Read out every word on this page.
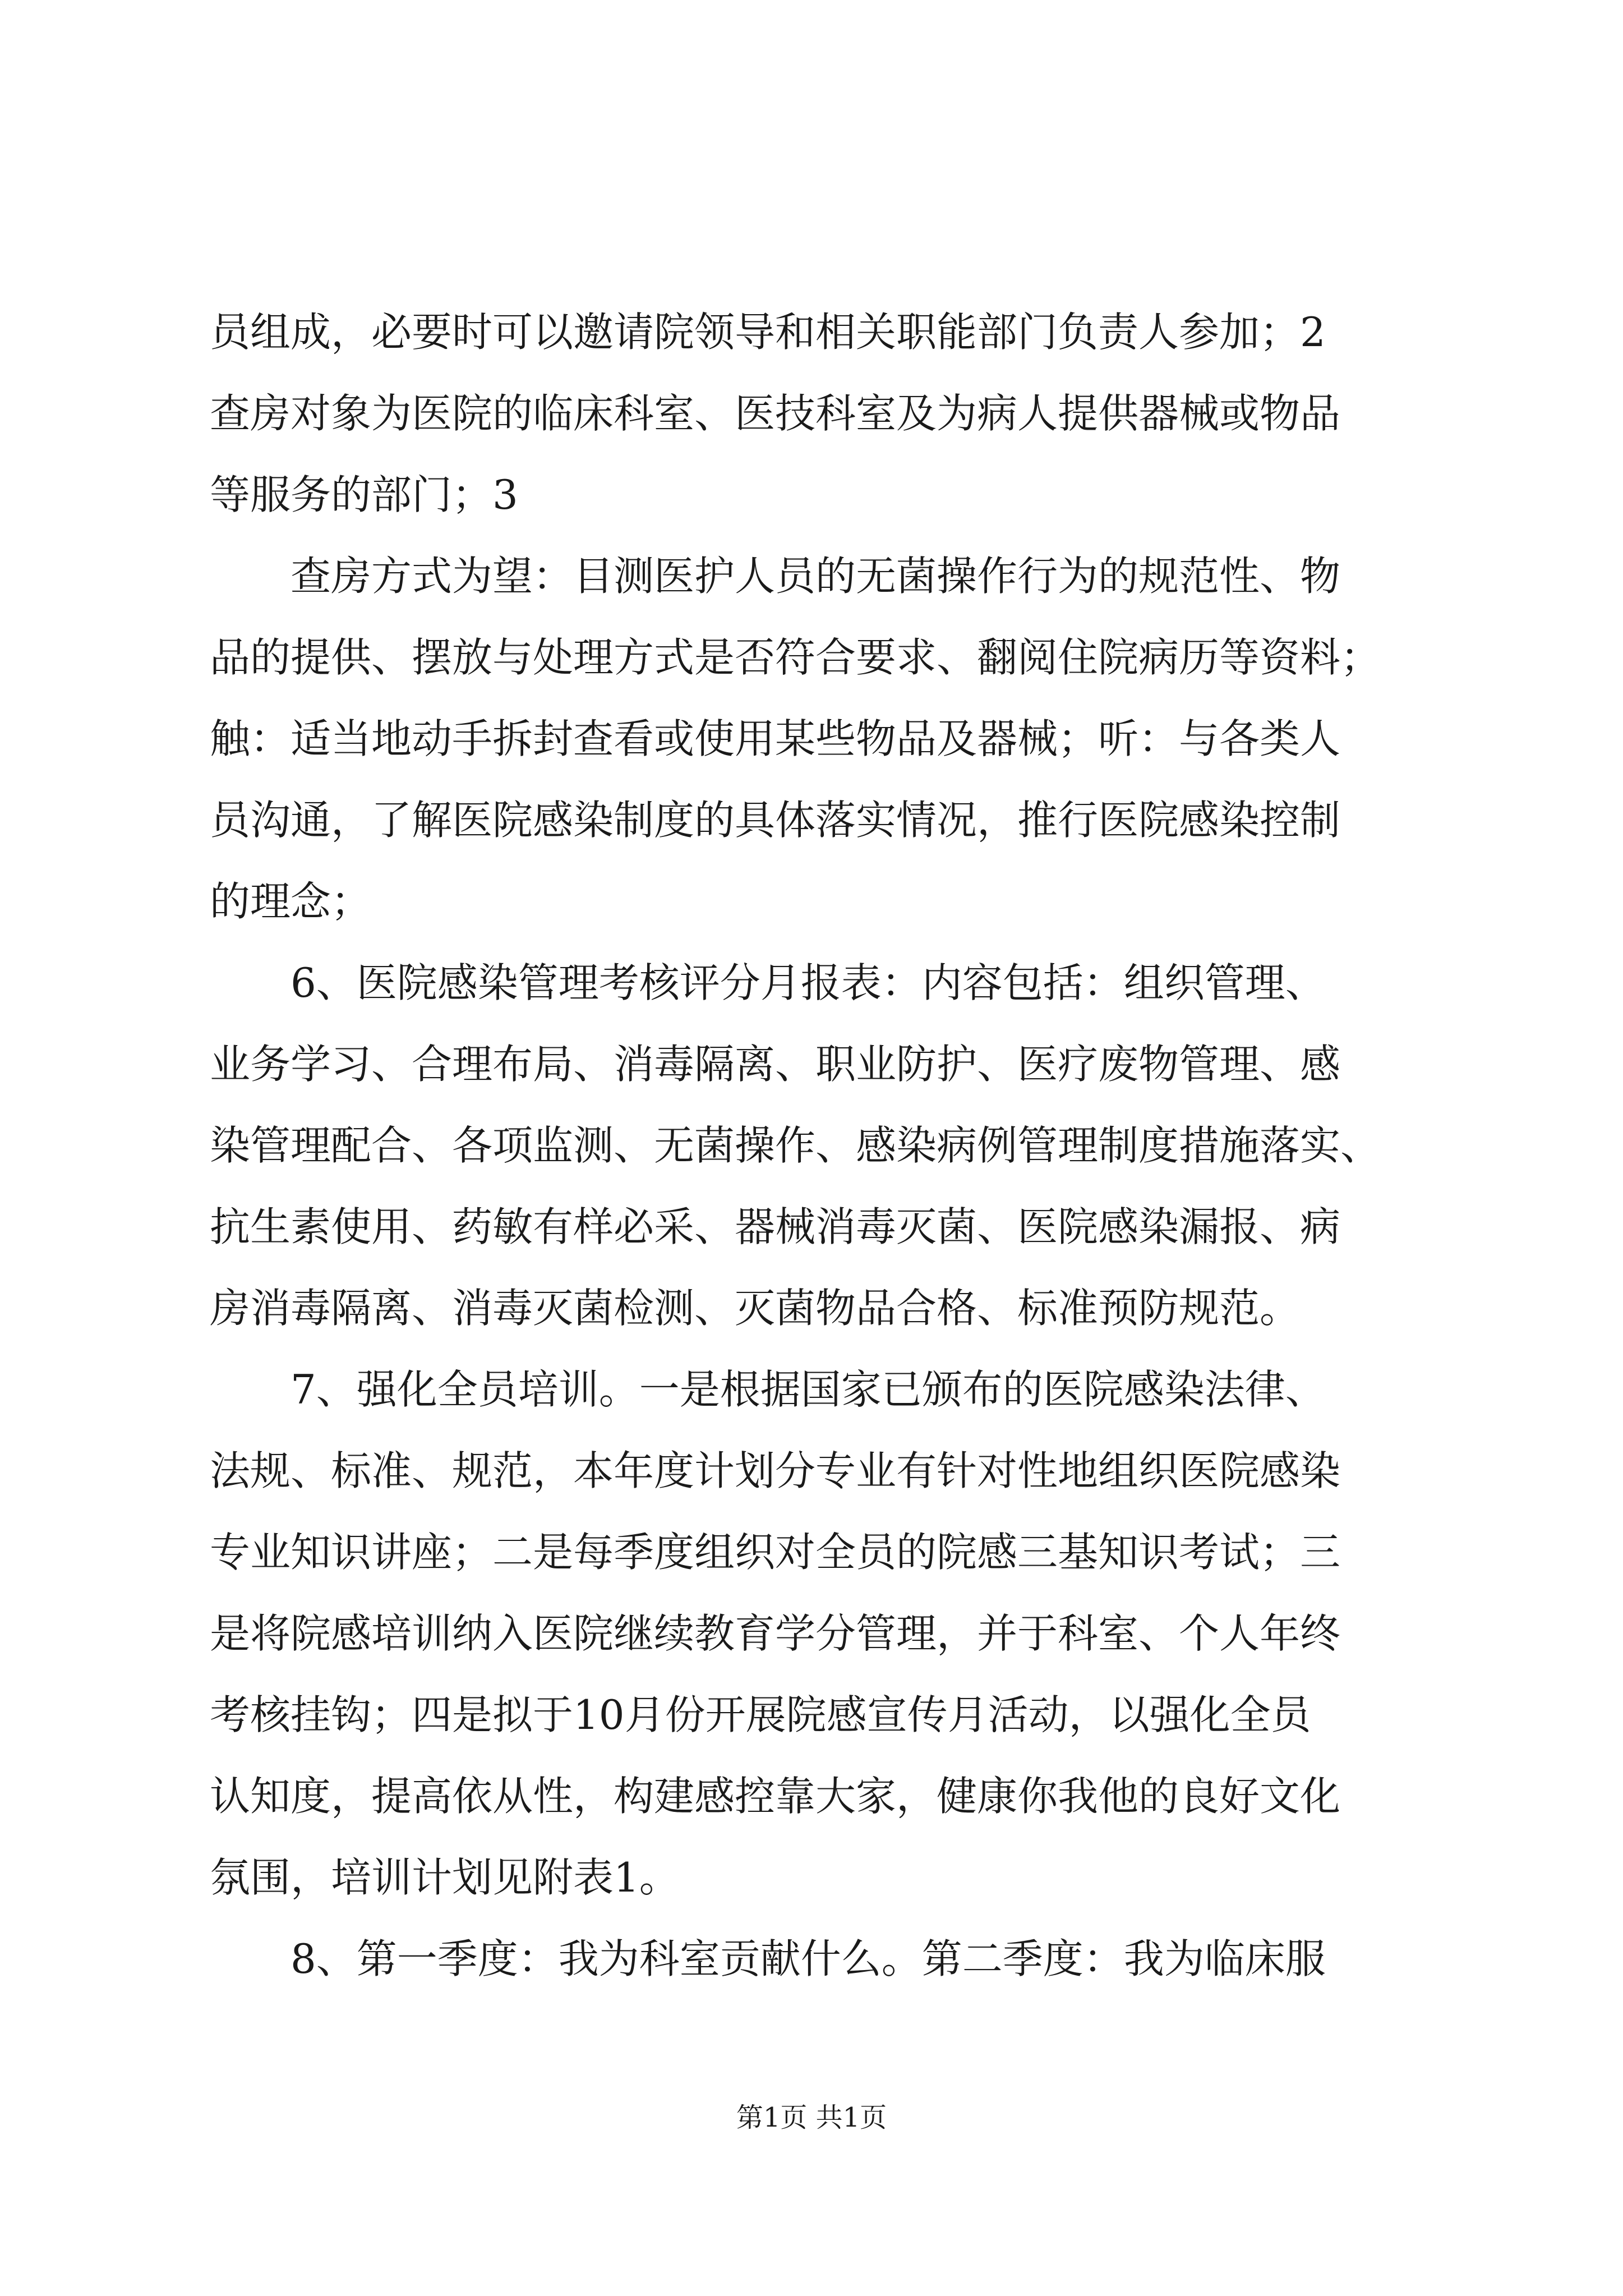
员组成，必要时可以邀请院领导和相关职能部门负责人参加；2
查房对象为医院的临床科室、医技科室及为病人提供器械或物品
等服务的部门；3
　　查房方式为望：目测医护人员的无菌操作行为的规范性、物
品的提供、摆放与处理方式是否符合要求、翻阅住院病历等资料；
触：适当地动手拆封查看或使用某些物品及器械；听：与各类人
员沟通，了解医院感染制度的具体落实情况，推行医院感染控制
的理念；
　　6、医院感染管理考核评分月报表：内容包括：组织管理、
业务学习、合理布局、消毒隔离、职业防护、医疗废物管理、感
染管理配合、各项监测、无菌操作、感染病例管理制度措施落实、
抗生素使用、药敏有样必采、器械消毒灭菌、医院感染漏报、病
房消毒隔离、消毒灭菌检测、灭菌物品合格、标准预防规范。
　　7、强化全员培训。一是根据国家已颁布的医院感染法律、
法规、标准、规范，本年度计划分专业有针对性地组织医院感染
专业知识讲座；二是每季度组织对全员的院感三基知识考试；三
是将院感培训纳入医院继续教育学分管理，并于科室、个人年终
考核挂钩；四是拟于10月份开展院感宣传月活动，以强化全员
认知度，提高依从性，构建感控靠大家，健康你我他的良好文化
氛围，培训计划见附表1。
　　8、第一季度：我为科室贡献什么。第二季度：我为临床服
第1页 共1页
